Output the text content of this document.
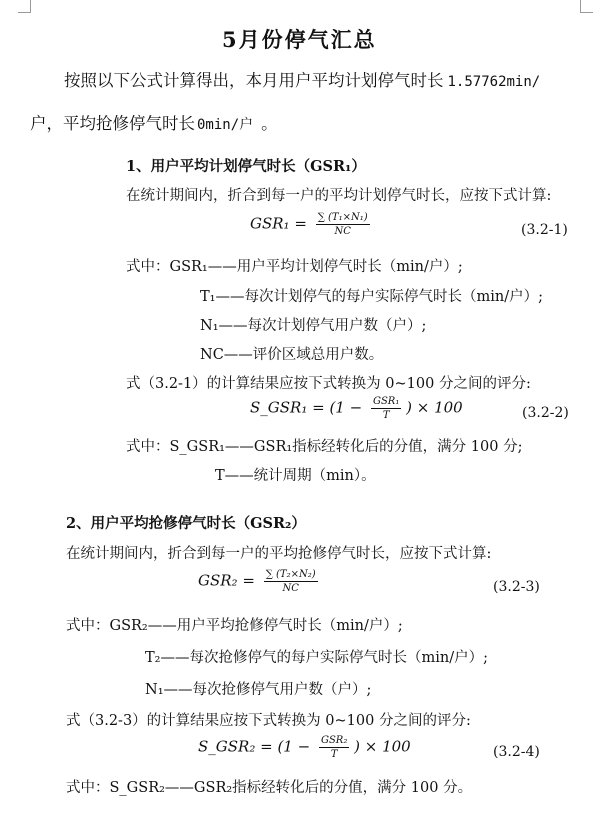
5月份停气汇总
按照以下公式计算得出，本月用户平均计划停气时长 1.57762min/
户，平均抢修停气时长 0min/户 。
1、用户平均计划停气时长（GSR₁）
在统计期间内，折合到每一户的平均计划停气时长，应按下式计算:
$GSR_1 = \frac{\text{∑ (T₁×N₁)}}{NC}$	(3.2-1)
式中：GSR₁——用户平均计划停气时长（min/户）;
T₁——每次计划停气的每户实际停气时长（min/户）;
N₁——每次计划停气用户数（户）;
NC——评价区域总用户数。
式（3.2-1）的计算结果应按下式转换为 0~100 分之间的评分:
S_GSR₁ = ($1 - \frac{\text{GSR₁}}{T}$ ) × 100	(3.2-2)
式中：S_GSR₁——GSR₁指标经转化后的分值，满分 100 分;
T——统计周期（min）。
2、用户平均抢修停气时长（GSR₂）
在统计期间内，折合到每一户的平均抢修停气时长，应按下式计算:
$GSR_2 = \frac{\text{∑ (T₂×N₂)}}{NC}$	(3.2-3)
式中：GSR₂——用户平均抢修停气时长（min/户）;
T₂——每次抢修停气的每户实际停气时长（min/户）;
N₁——每次抢修停气用户数（户）;
式（3.2-3）的计算结果应按下式转换为 0~100 分之间的评分:
S_GSR₂ = ($1 - \frac{\text{GSR₂}}{T}$ ) × 100	(3.2-4)
式中：S_GSR₂——GSR₂指标经转化后的分值，满分 100 分。
